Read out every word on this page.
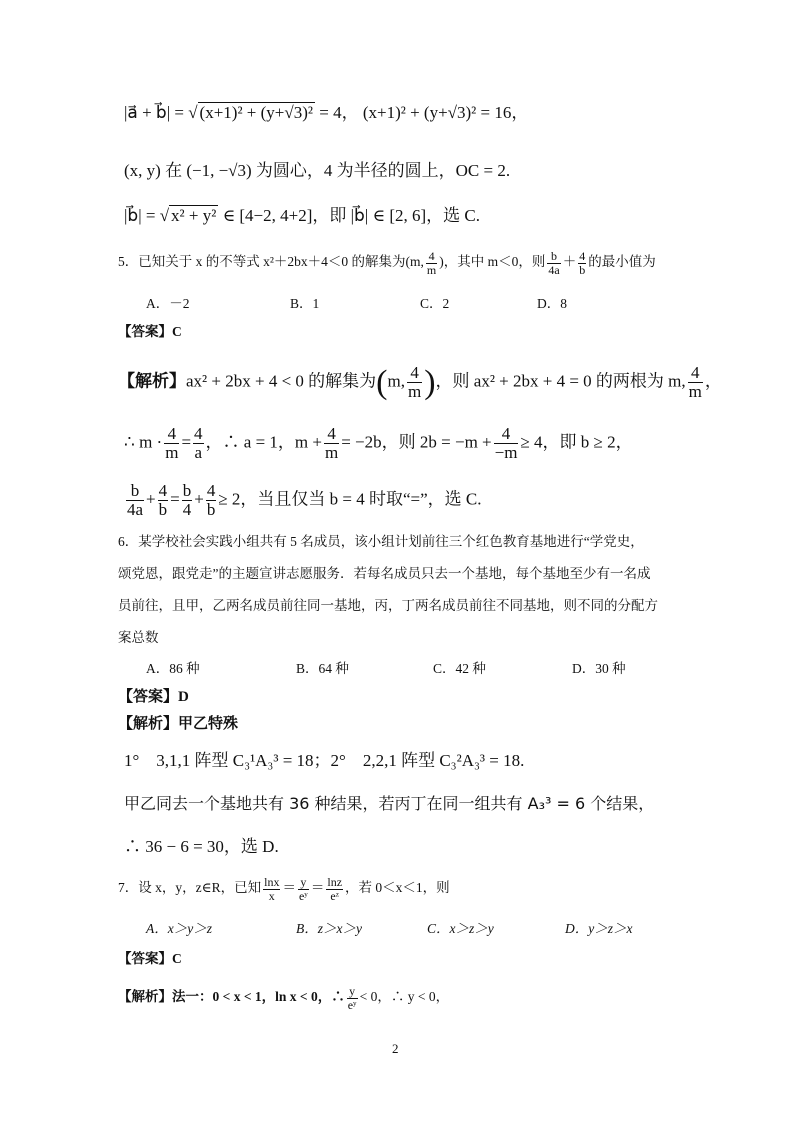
|a⃗ + b⃗| = √ (x+1)² + (y+√3)² = 4， (x+1)² + (y+√3)² = 16，
(x, y) 在 (−1, −√3) 为圆心，4 为半径的圆上，OC = 2.
|b⃗| = √ x² + y² ∈ [4−2, 4+2]，即 |b⃗| ∈ [2, 6]，选 C.
5．已知关于 x 的不等式 x²＋2bx＋4＜0 的解集为(m, $\frac{4}{m}$ )，其中 m＜0，则 $\frac{b}{4a} + \frac{4}{b}$ 的最小值为
A．－2	B．1	C．2	D．8
【答案】C
【解析】ax² + 2bx + 4 < 0 的解集为(m, $\frac{4}{m}$ )，则 ax² + 2bx + 4 = 0 的两根为 m, $\frac{4}{m}$ ，
∴ $m \cdot \frac{4}{m} = \frac{4}{a}$ ，∴ a = 1，$m + \frac{4}{m} = -2b$，则 $2b = -m + \frac{4}{-m} \ge 4$，即 b ≥ 2，
$\frac{b}{4a} + \frac{4}{b} = \frac{b}{4} + \frac{4}{b} \ge 2$，当且仅当 b = 4 时取“=”，选 C.
6．某学校社会实践小组共有 5 名成员，该小组计划前往三个红色教育基地进行“学党史，
颂党恩，跟党走”的主题宣讲志愿服务．若每名成员只去一个基地，每个基地至少有一名成
员前往，且甲，乙两名成员前往同一基地，丙，丁两名成员前往不同基地，则不同的分配方
案总数
A．86 种	B．64 种	C．42 种	D．30 种
【答案】D
【解析】甲乙特殊
1°　3,1,1 阵型 C₃¹A₃³ = 18；2°　2,2,1 阵型 C₃²A₃³ = 18.
甲乙同去一个基地共有 36 种结果，若丙丁在同一组共有 A₃³ = 6 个结果，
∴ 36 − 6 = 30，选 D.
7．设 x，y，z∈R，已知 $\frac{\ln x}{x} = \frac{y}{\text{eʸ}} = \frac{\ln z}{\text{eᶻ}}$ ，若 0＜x＜1，则
A．x＞y＞z	B．z＞x＞y	C．x＞z＞y	D．y＞z＞x
【答案】C
【解析】法一：0 < x < 1，ln x < 0，∴ $\frac{y}{\text{eʸ}} < 0$，∴ y < 0，
2
